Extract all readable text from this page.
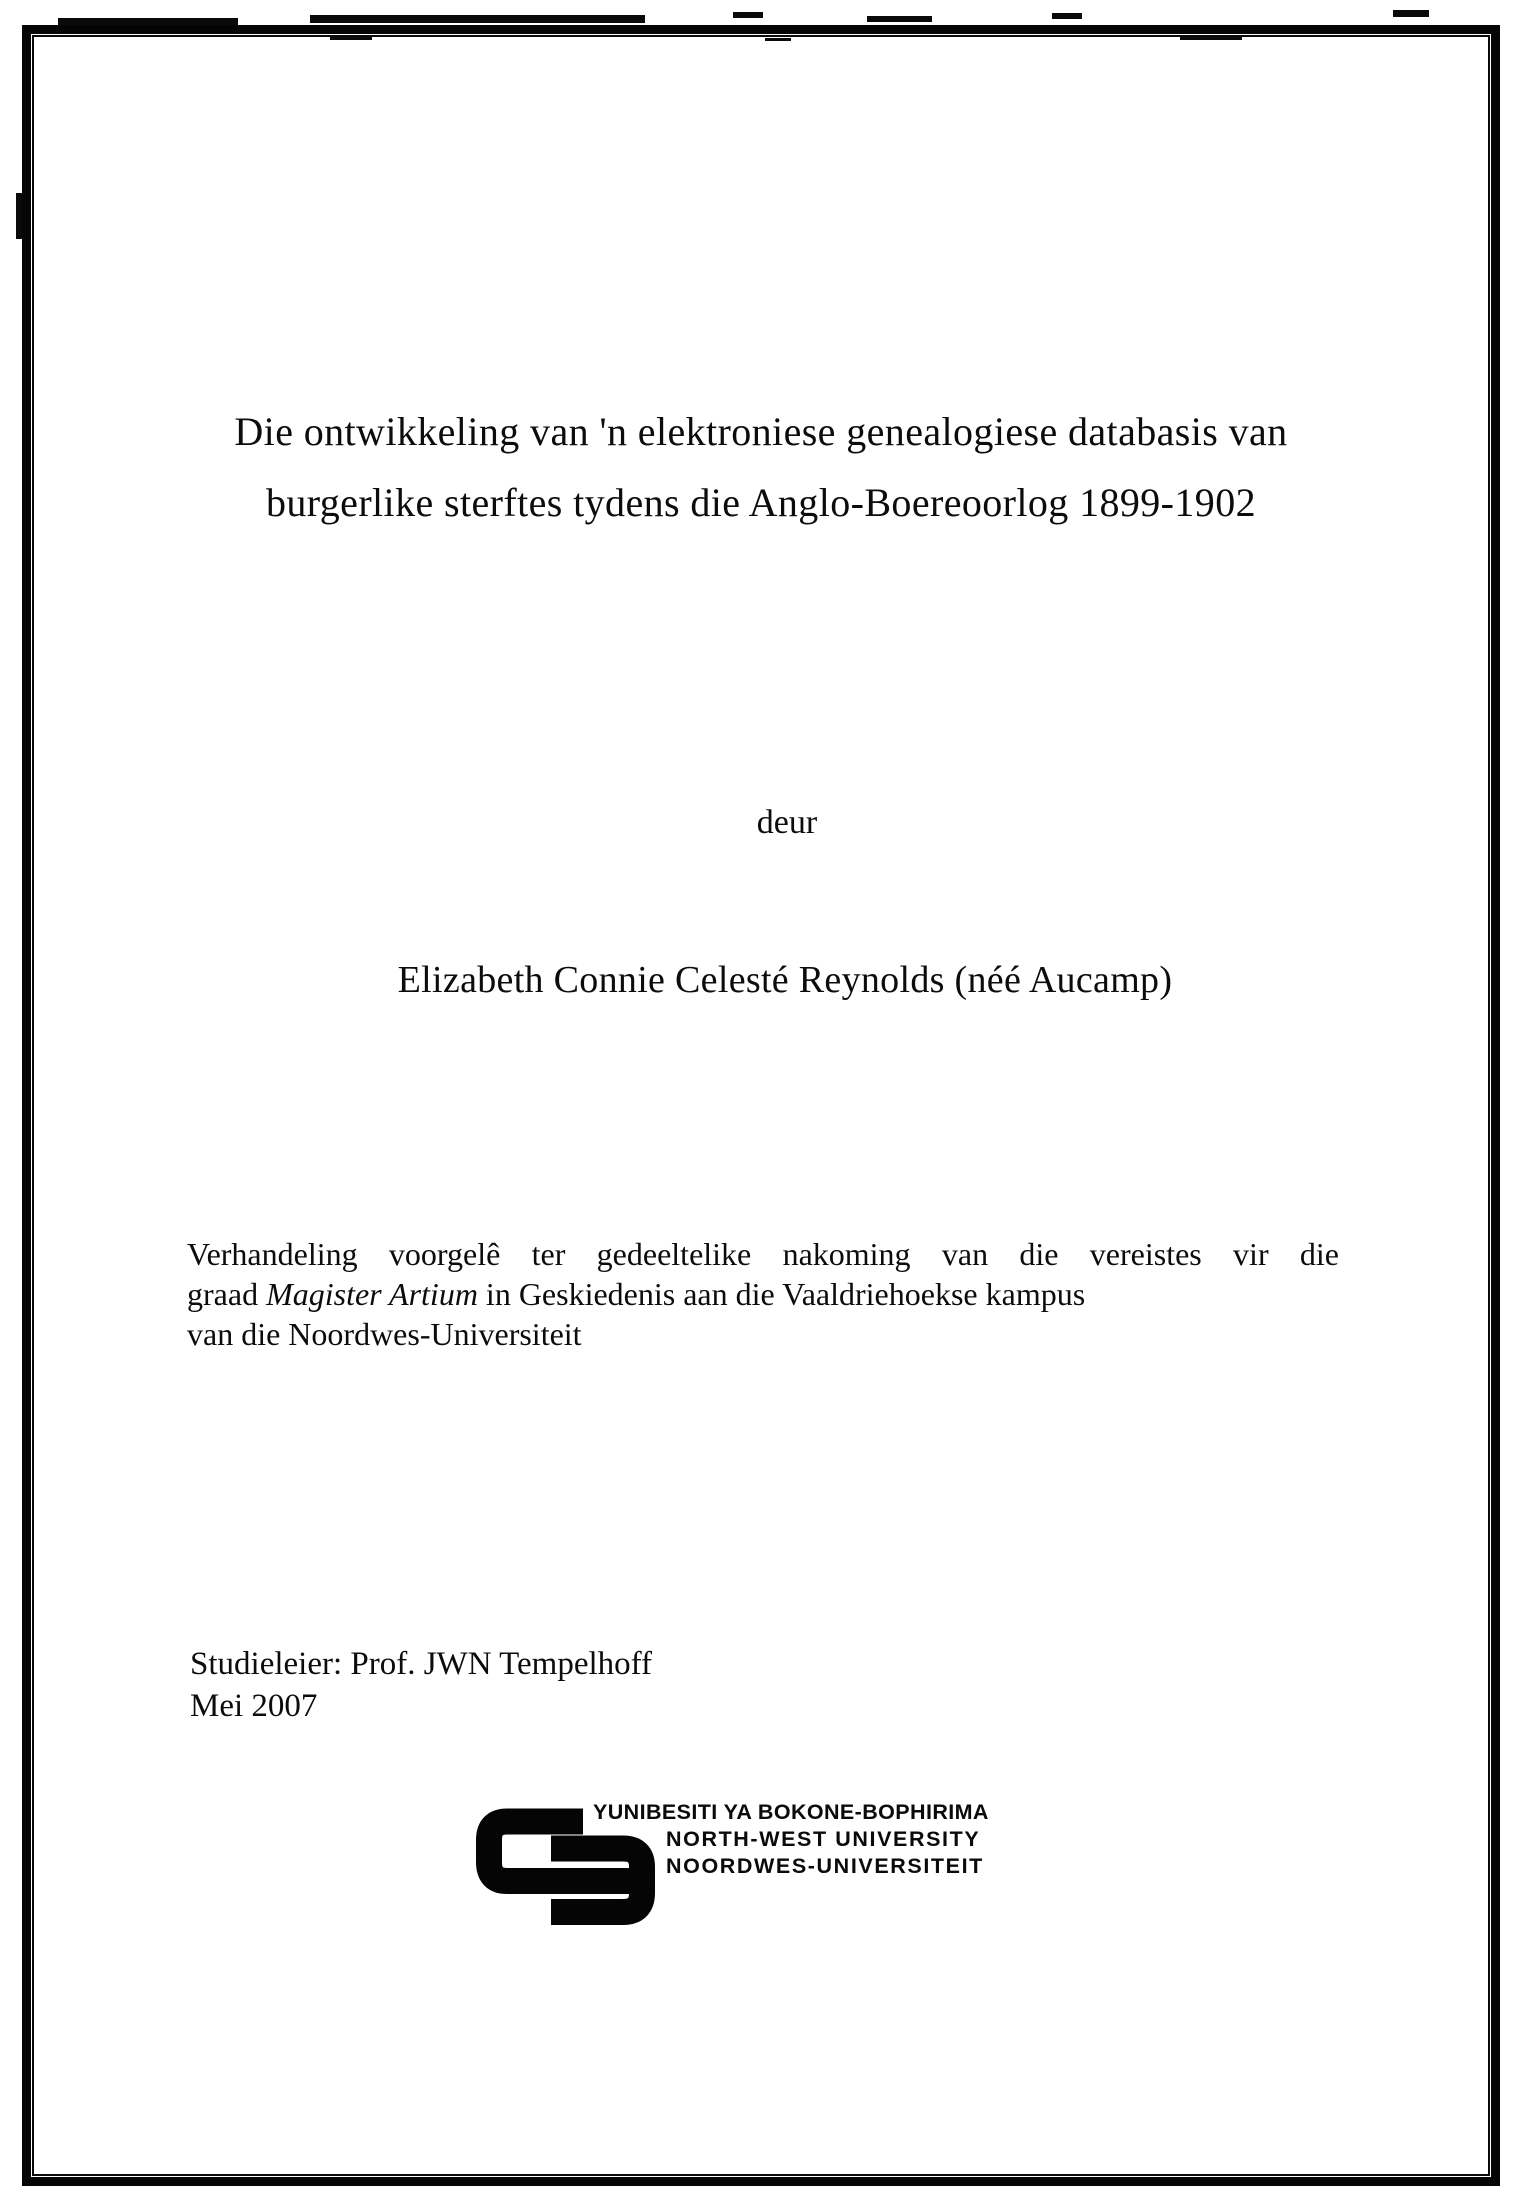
Die ontwikkeling van 'n elektroniese genealogiese databasis van
burgerlike sterftes tydens die Anglo-Boereoorlog 1899-1902
deur
Elizabeth Connie Celesté Reynolds (néé Aucamp)
Verhandeling voorgelê ter gedeeltelike nakoming van die vereistes vir die
graad Magister Artium in Geskiedenis aan die Vaaldriehoekse kampus
van die Noordwes-Universiteit
Studieleier: Prof. JWN Tempelhoff
Mei 2007
YUNIBESITI YA BOKONE-BOPHIRIMA
NORTH-WEST UNIVERSITY
NOORDWES-UNIVERSITEIT
